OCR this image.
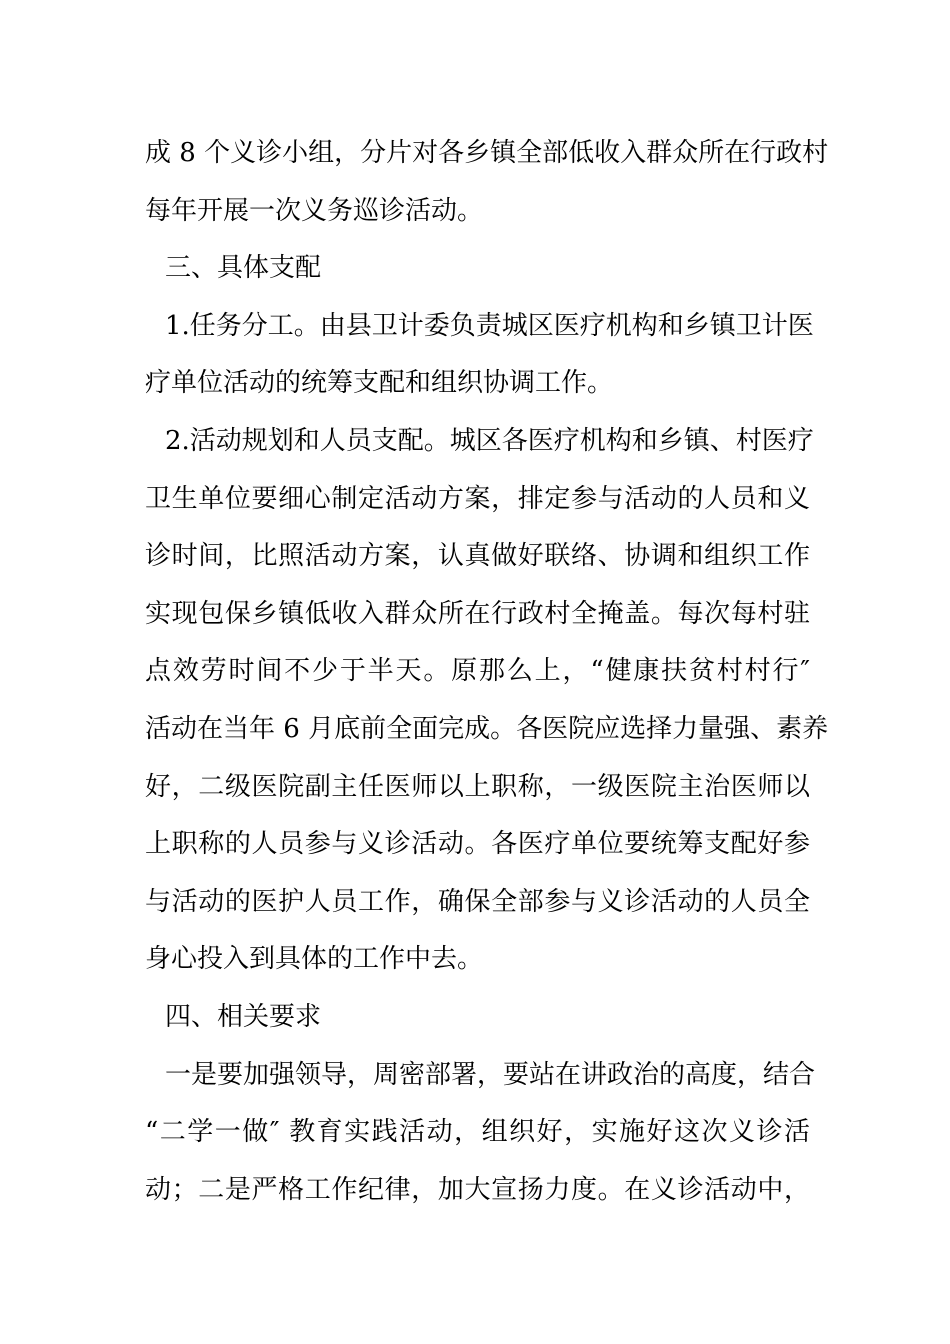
成 8 个义诊小组，分片对各乡镇全部低收入群众所在行政村
每年开展一次义务巡诊活动。
三、具体支配
1.任务分工。由县卫计委负责城区医疗机构和乡镇卫计医
疗单位活动的统筹支配和组织协调工作。
2.活动规划和人员支配。城区各医疗机构和乡镇、村医疗
卫生单位要细心制定活动方案，排定参与活动的人员和义
诊时间，比照活动方案，认真做好联络、协调和组织工作
实现包保乡镇低收入群众所在行政村全掩盖。每次每村驻
点效劳时间不少于半天。原那么上，“健康扶贫村村行″
活动在当年 6 月底前全面完成。各医院应选择力量强、素养
好，二级医院副主任医师以上职称，一级医院主治医师以
上职称的人员参与义诊活动。各医疗单位要统筹支配好参
与活动的医护人员工作，确保全部参与义诊活动的人员全
身心投入到具体的工作中去。
四、相关要求
一是要加强领导，周密部署，要站在讲政治的高度，结合
“二学一做″ 教育实践活动，组织好，实施好这次义诊活
动；二是严格工作纪律，加大宣扬力度。在义诊活动中，
